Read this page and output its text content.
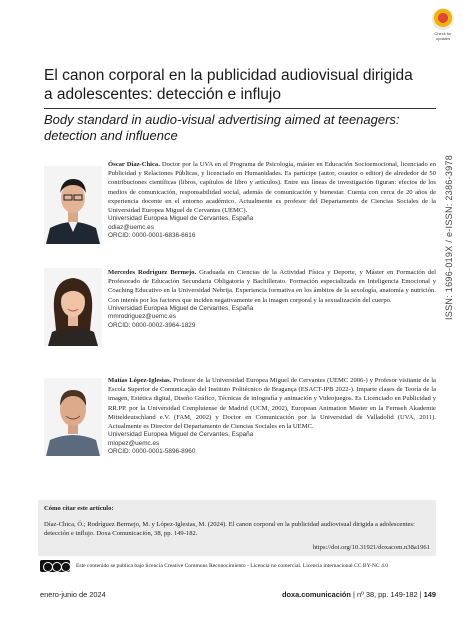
Check for updates
El canon corporal en la publicidad audiovisual dirigida a adolescentes: detección e influjo
Body standard in audio-visual advertising aimed at teenagers: detection and influence
ISSN: 1696-019X / e-ISSN: 2386-3978
Óscar Díaz-Chica. Doctor por la UVA en el Programa de Psicología, máster en Educación Socioemocional, licenciado en Publicidad y Relaciones Públicas, y licenciado en Humanidades. Es partícipe (autor, coautor o editor) de alrededor de 50 contribuciones científicas (libros, capítulos de libro y artículos). Entre sus líneas de investigación figuran: efectos de los medios de comunicación, responsabilidad social, además de comunicación y bienestar. Cuenta con cerca de 20 años de experiencia docente en el entorno académico. Actualmente es profesor del Departamento de Ciencias Sociales de la Universidad Europea Miguel de Cervantes (UEMC).
Universidad Europea Miguel de Cervantes, España
odiaz@uemc.es
ORCID: 0000-0001-6836-6616
Mercedes Rodríguez Bermejo. Graduada en Ciencias de la Actividad Física y Deporte, y Máster en Formación del Profesorado de Educación Secundaria Obligatoria y Bachillerato. Formación especializada en Inteligencia Emocional y Coaching Educativo en la Universidad Nebrija. Experiencia formativa en los ámbitos de la sexología, anatomía y nutrición. Con interés por los factores que inciden negativamente en la imagen corporal y la sexualización del cuerpo.
Universidad Europea Miguel de Cervantes, España
mmrodriguez@uemc.es
ORCID: 0000-0002-3964-1829
Matías López-Iglesias. Profesor de la Universidad Europea Miguel de Cervantes (UEMC 2006-) y Profesor visitante de la Escola Superior de Comunicação del Instituto Politécnico de Bragança (ESACT-IPB 2022-). Imparte clases de Teoría de la imagen, Estética digital, Diseño Gráfico, Técnicas de infografía y animación y Videojuegos. Es Licenciado en Publicidad y RR.PP. por la Universidad Complutense de Madrid (UCM, 2002), European Animation Master en la Fernseh Akademie Mitteldeutschland e.V. (FAM, 2002) y Doctor en Comunicación por la Universidad de Valladolid (UVA, 2011). Actualmente es Director del Departamento de Ciencias Sociales en la UEMC.
Universidad Europea Miguel de Cervantes, España
mlopez@uemc.es
ORCID: 0000-0001-5896-8960
Cómo citar este artículo:
Díaz-Chica, Ó.; Rodríguez Bermejo, M. y López-Iglesias, M. (2024). El canon corporal en la publicidad audiovisual dirigida a adolescentes: detección e influjo. Doxa Comunicación, 38, pp. 149-182.
https://doi.org/10.31921/doxacom.n38a1961
Este contenido se publica bajo licencia Creative Commons Reconocimiento - Licencia no comercial. Licencia internacional CC BY-NC 4.0
enero-junio de 2024	doxa.comunicación | nº 38, pp. 149-182 | 149
